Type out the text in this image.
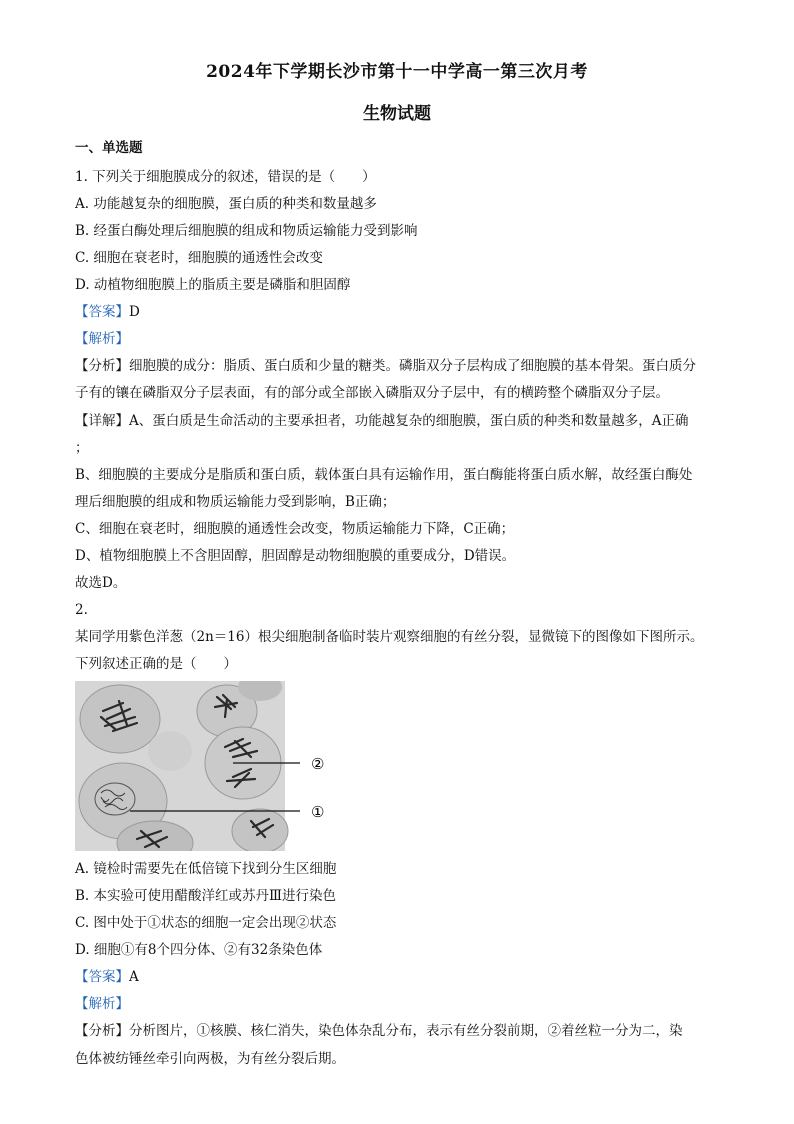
2024年下学期长沙市第十一中学高一第三次月考
生物试题
一、单选题
1. 下列关于细胞膜成分的叙述，错误的是（　　）
A. 功能越复杂的细胞膜，蛋白质的种类和数量越多
B. 经蛋白酶处理后细胞膜的组成和物质运输能力受到影响
C. 细胞在衰老时，细胞膜的通透性会改变
D. 动植物细胞膜上的脂质主要是磷脂和胆固醇
【答案】D
【解析】
【分析】细胞膜的成分：脂质、蛋白质和少量的糖类。磷脂双分子层构成了细胞膜的基本骨架。蛋白质分
子有的镶在磷脂双分子层表面，有的部分或全部嵌入磷脂双分子层中，有的横跨整个磷脂双分子层。
【详解】A、蛋白质是生命活动的主要承担者，功能越复杂的细胞膜，蛋白质的种类和数量越多，A正确
；
B、细胞膜的主要成分是脂质和蛋白质，载体蛋白具有运输作用，蛋白酶能将蛋白质水解，故经蛋白酶处
理后细胞膜的组成和物质运输能力受到影响，B正确；
C、细胞在衰老时，细胞膜的通透性会改变，物质运输能力下降，C正确；
D、植物细胞膜上不含胆固醇，胆固醇是动物细胞膜的重要成分，D错误。
故选D。
2.
某同学用紫色洋葱（2n＝16）根尖细胞制备临时装片观察细胞的有丝分裂，显微镜下的图像如下图所示。
下列叙述正确的是（　　）
②
①
A. 镜检时需要先在低倍镜下找到分生区细胞
B. 本实验可使用醋酸洋红或苏丹Ⅲ进行染色
C. 图中处于①状态的细胞一定会出现②状态
D. 细胞①有8个四分体、②有32条染色体
【答案】A
【解析】
【分析】分析图片，①核膜、核仁消失，染色体杂乱分布，表示有丝分裂前期，②着丝粒一分为二，染
色体被纺锤丝牵引向两极，为有丝分裂后期。
